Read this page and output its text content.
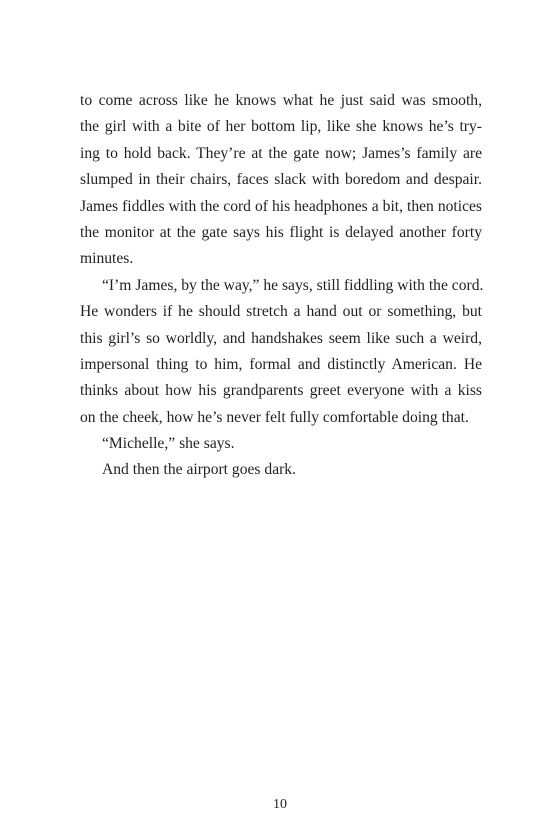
to come across like he knows what he just said was smooth,
the girl with a bite of her bottom lip, like she knows he’s try-
ing to hold back. They’re at the gate now; James’s family are
slumped in their chairs, faces slack with boredom and despair.
James fiddles with the cord of his headphones a bit, then notices
the monitor at the gate says his flight is delayed another forty
minutes.
“I’m James, by the way,” he says, still fiddling with the cord.
He wonders if he should stretch a hand out or something, but
this girl’s so worldly, and handshakes seem like such a weird,
impersonal thing to him, formal and distinctly American. He
thinks about how his grandparents greet everyone with a kiss
on the cheek, how he’s never felt fully comfortable doing that.
“Michelle,” she says.
And then the airport goes dark.
10
